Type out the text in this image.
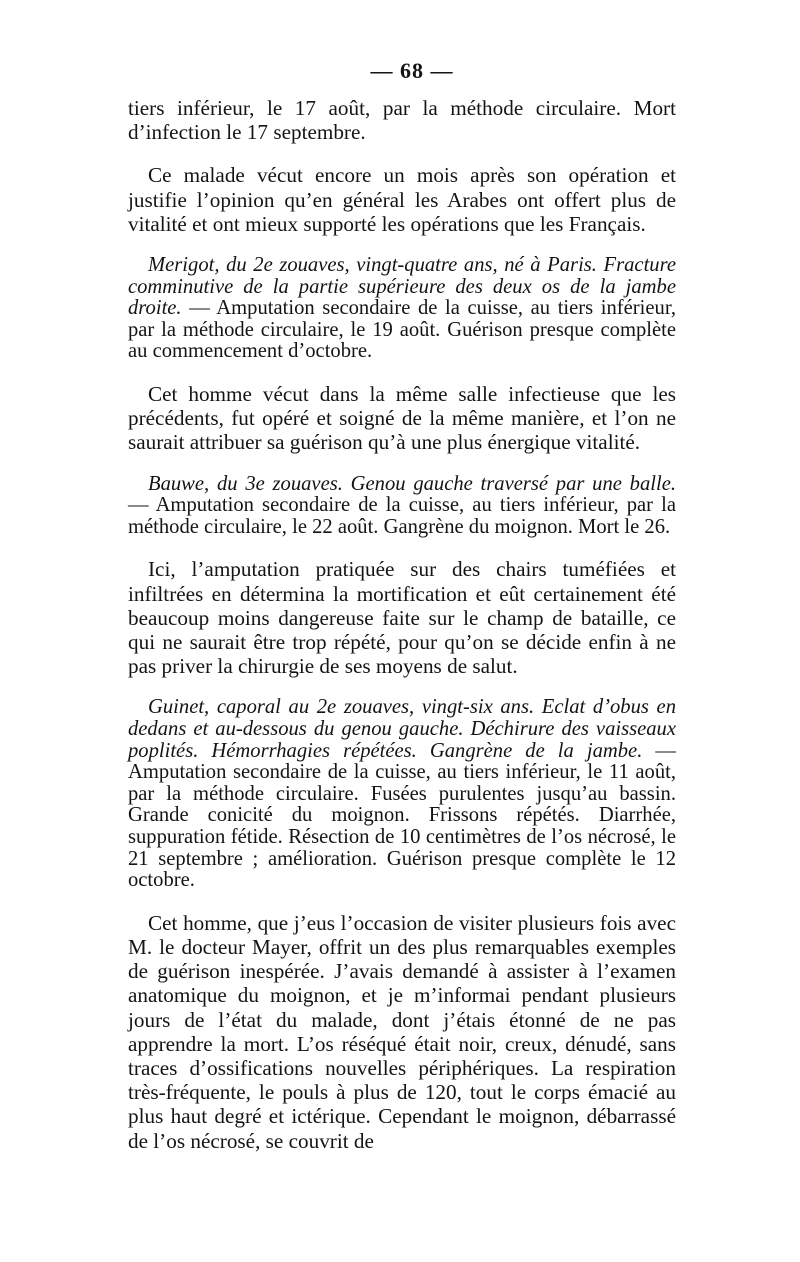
— 68 —

tiers inférieur, le 17 août, par la méthode circulaire. Mort d’infection le 17 septembre.

Ce malade vécut encore un mois après son opération et justifie l’opinion qu’en général les Arabes ont offert plus de vitalité et ont mieux supporté les opérations que les Français.

Merigot, du 2e zouaves, vingt-quatre ans, né à Paris. Fracture comminutive de la partie supérieure des deux os de la jambe droite. — Amputation secondaire de la cuisse, au tiers inférieur, par la méthode circulaire, le 19 août. Guérison presque complète au commencement d’octobre.

Cet homme vécut dans la même salle infectieuse que les précédents, fut opéré et soigné de la même manière, et l’on ne saurait attribuer sa guérison qu’à une plus énergique vitalité.

Bauwe, du 3e zouaves. Genou gauche traversé par une balle. — Amputation secondaire de la cuisse, au tiers inférieur, par la méthode circulaire, le 22 août. Gangrène du moignon. Mort le 26.

Ici, l’amputation pratiquée sur des chairs tuméfiées et infiltrées en détermina la mortification et eût certainement été beaucoup moins dangereuse faite sur le champ de bataille, ce qui ne saurait être trop répété, pour qu’on se décide enfin à ne pas priver la chirurgie de ses moyens de salut.

Guinet, caporal au 2e zouaves, vingt-six ans. Eclat d’obus en dedans et au-dessous du genou gauche. Déchirure des vaisseaux poplités. Hémorrhagies répétées. Gangrène de la jambe. — Amputation secondaire de la cuisse, au tiers inférieur, le 11 août, par la méthode circulaire. Fusées purulentes jusqu’au bassin. Grande conicité du moignon. Frissons répétés. Diarrhée, suppuration fétide. Résection de 10 centimètres de l’os nécrosé, le 21 septembre ; amélioration. Guérison presque complète le 12 octobre.

Cet homme, que j’eus l’occasion de visiter plusieurs fois avec M. le docteur Mayer, offrit un des plus remarquables exemples de guérison inespérée. J’avais demandé à assister à l’examen anatomique du moignon, et je m’informai pendant plusieurs jours de l’état du malade, dont j’étais étonné de ne pas apprendre la mort. L’os réséqué était noir, creux, dénudé, sans traces d’ossifications nouvelles périphériques. La respiration très-fréquente, le pouls à plus de 120, tout le corps émacié au plus haut degré et ictérique. Cependant le moignon, débarrassé de l’os nécrosé, se couvrit de
